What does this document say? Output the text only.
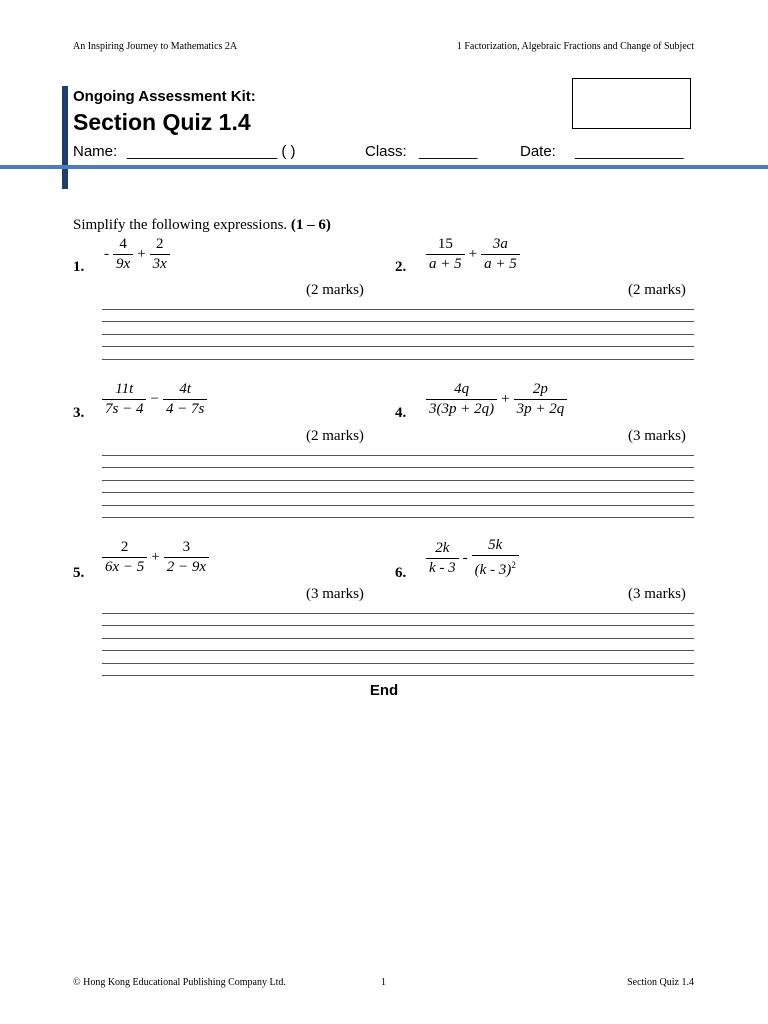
An Inspiring Journey to Mathematics 2A	1 Factorization, Algebraic Fractions and Change of Subject
Ongoing Assessment Kit:
Section Quiz 1.4
Name: __________________ ( )	Class: _______	Date: _____________
Simplify the following expressions. (1 – 6)
1.
- $\frac{4}{9x} + \frac{2}{3x}$
(2 marks)
2. $\frac{15}{a + 5} + \frac{3a}{a + 5}$
(2 marks)
3. $\frac{11t}{7s - 4} - \frac{4t}{4 - 7s}$
(2 marks)
4. $\frac{4q}{3(3p + 2q)} + \frac{2p}{3p + 2q}$
(3 marks)
5. $\frac{2}{6x - 5} + \frac{3}{2 - 9x}$
(3 marks)
6. $\frac{2k}{k - 3} - \frac{5k}{(k - 3)^2}$
(3 marks)
End
© Hong Kong Educational Publishing Company Ltd.	1	Section Quiz 1.4
